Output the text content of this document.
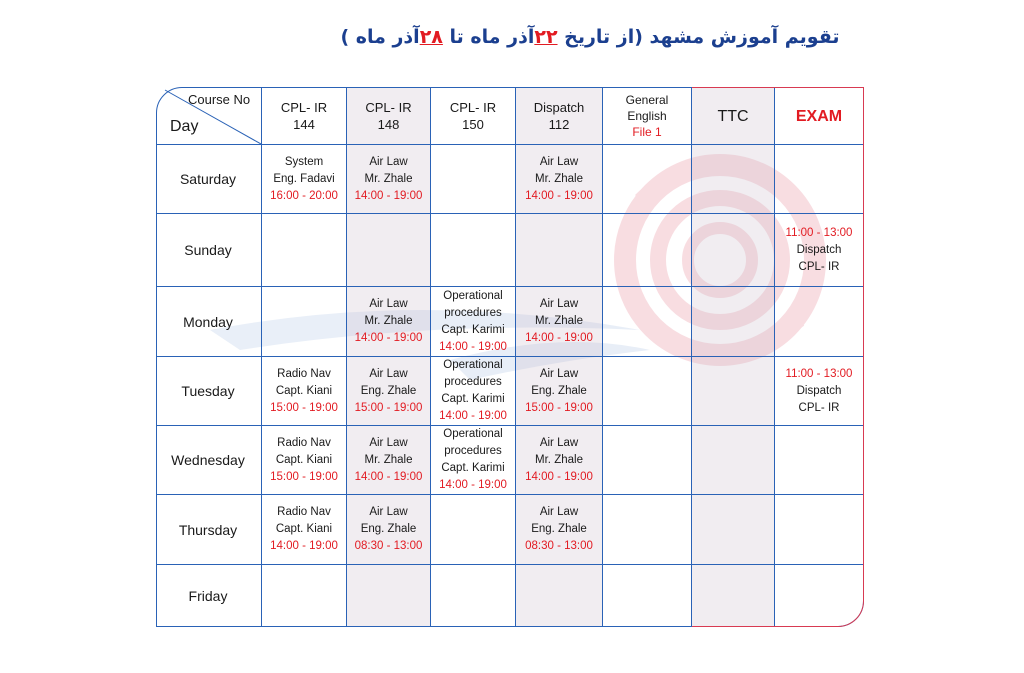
تقویم آموزش مشهد (از تاریخ ۲۲آذر ماه تا ۲۸آذر ماه )
Course No
Day
CPL- IR
144
CPL- IR
148
CPL- IR
150
Dispatch
112
General
English
File 1
TTC	EXAM
Saturday
Sunday
Monday
Tuesday
Wednesday
Thursday
Friday
System
Eng. Fadavi
16:00 - 20:00
Air Law
Mr. Zhale
14:00 - 19:00
Air Law
Mr. Zhale
14:00 - 19:00
11:00 - 13:00
Dispatch
CPL- IR
Air Law
Mr. Zhale
14:00 - 19:00
Operational
procedures
Capt. Karimi
14:00 - 19:00
Air Law
Mr. Zhale
14:00 - 19:00
Radio Nav
Capt. Kiani
15:00 - 19:00
Air Law
Eng. Zhale
15:00 - 19:00
Operational
procedures
Capt. Karimi
14:00 - 19:00
Air Law
Eng. Zhale
15:00 - 19:00
11:00 - 13:00
Dispatch
CPL- IR
Radio Nav
Capt. Kiani
15:00 - 19:00
Air Law
Mr. Zhale
14:00 - 19:00
Operational
procedures
Capt. Karimi
14:00 - 19:00
Air Law
Mr. Zhale
14:00 - 19:00
Radio Nav
Capt. Kiani
14:00 - 19:00
Air Law
Eng. Zhale
08:30 - 13:00
Air Law
Eng. Zhale
08:30 - 13:00
